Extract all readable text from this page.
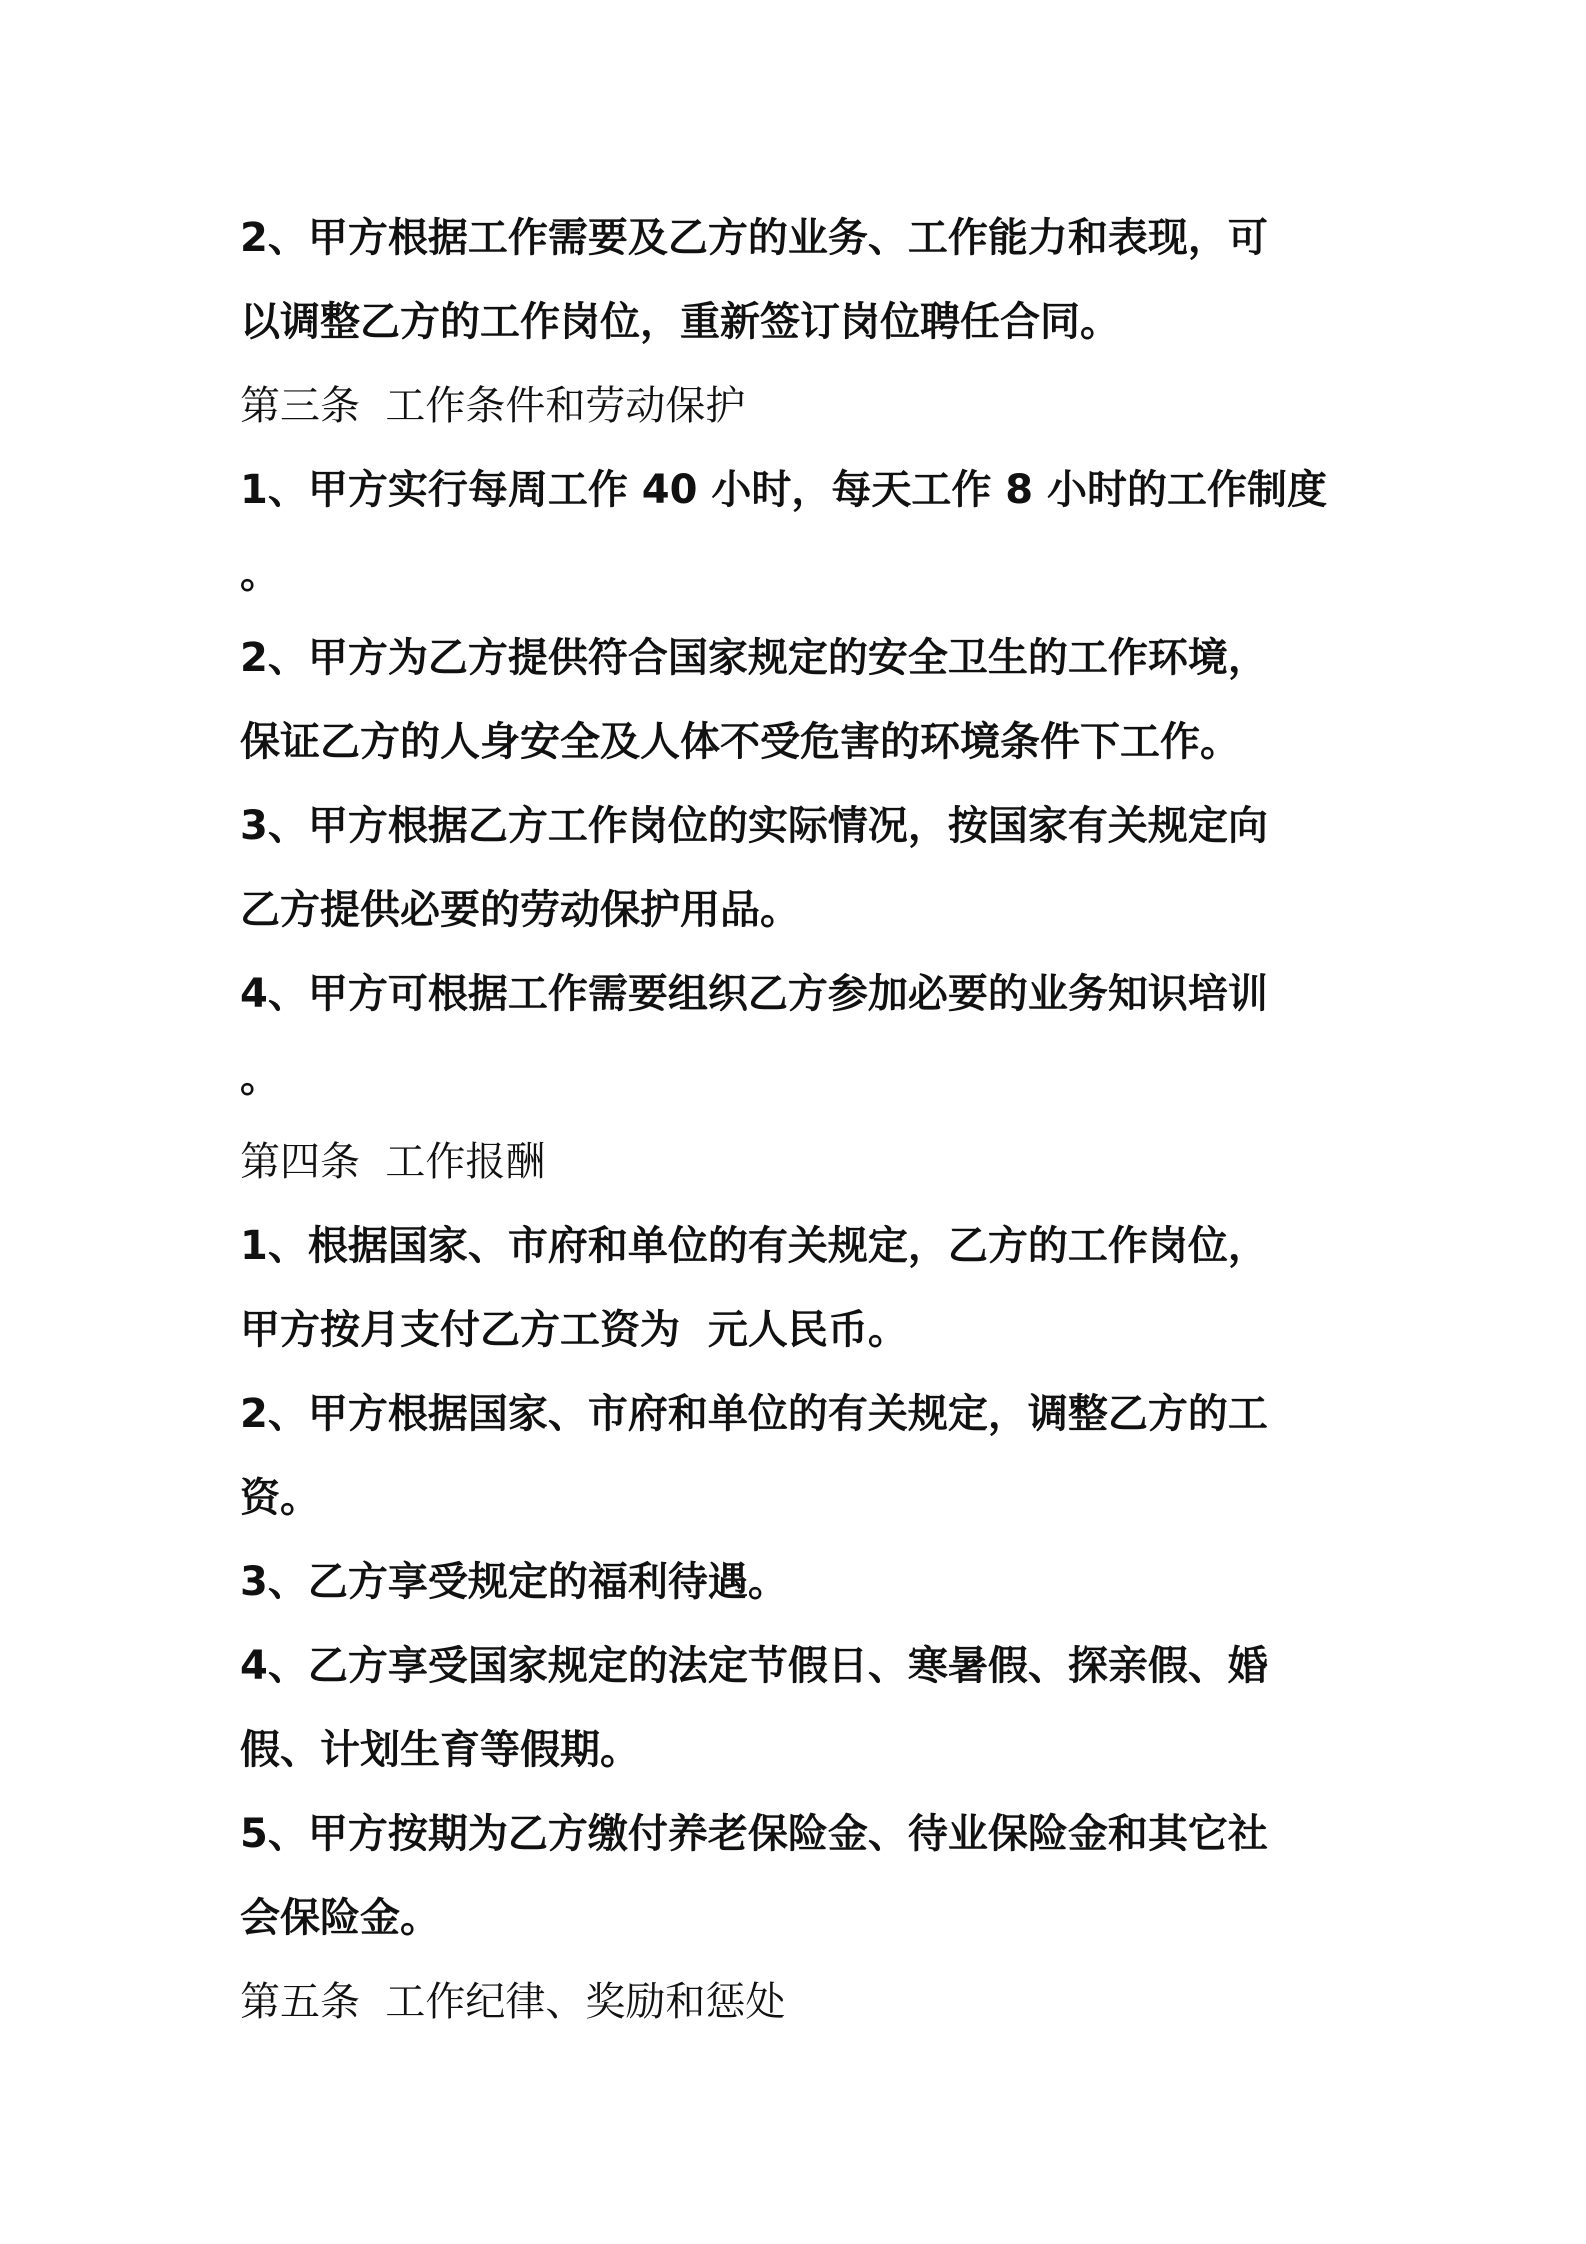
2、甲方根据工作需要及乙方的业务、工作能力和表现，可
以调整乙方的工作岗位，重新签订岗位聘任合同。
第三条  工作条件和劳动保护
1、甲方实行每周工作 40 小时，每天工作 8 小时的工作制度
。
2、甲方为乙方提供符合国家规定的安全卫生的工作环境，
保证乙方的人身安全及人体不受危害的环境条件下工作。
3、甲方根据乙方工作岗位的实际情况，按国家有关规定向
乙方提供必要的劳动保护用品。
4、甲方可根据工作需要组织乙方参加必要的业务知识培训
。
第四条  工作报酬
1、根据国家、市府和单位的有关规定，乙方的工作岗位，
甲方按月支付乙方工资为  元人民币。
2、甲方根据国家、市府和单位的有关规定，调整乙方的工
资。
3、乙方享受规定的福利待遇。
4、乙方享受国家规定的法定节假日、寒暑假、探亲假、婚
假、计划生育等假期。
5、甲方按期为乙方缴付养老保险金、待业保险金和其它社
会保险金。
第五条  工作纪律、奖励和惩处
